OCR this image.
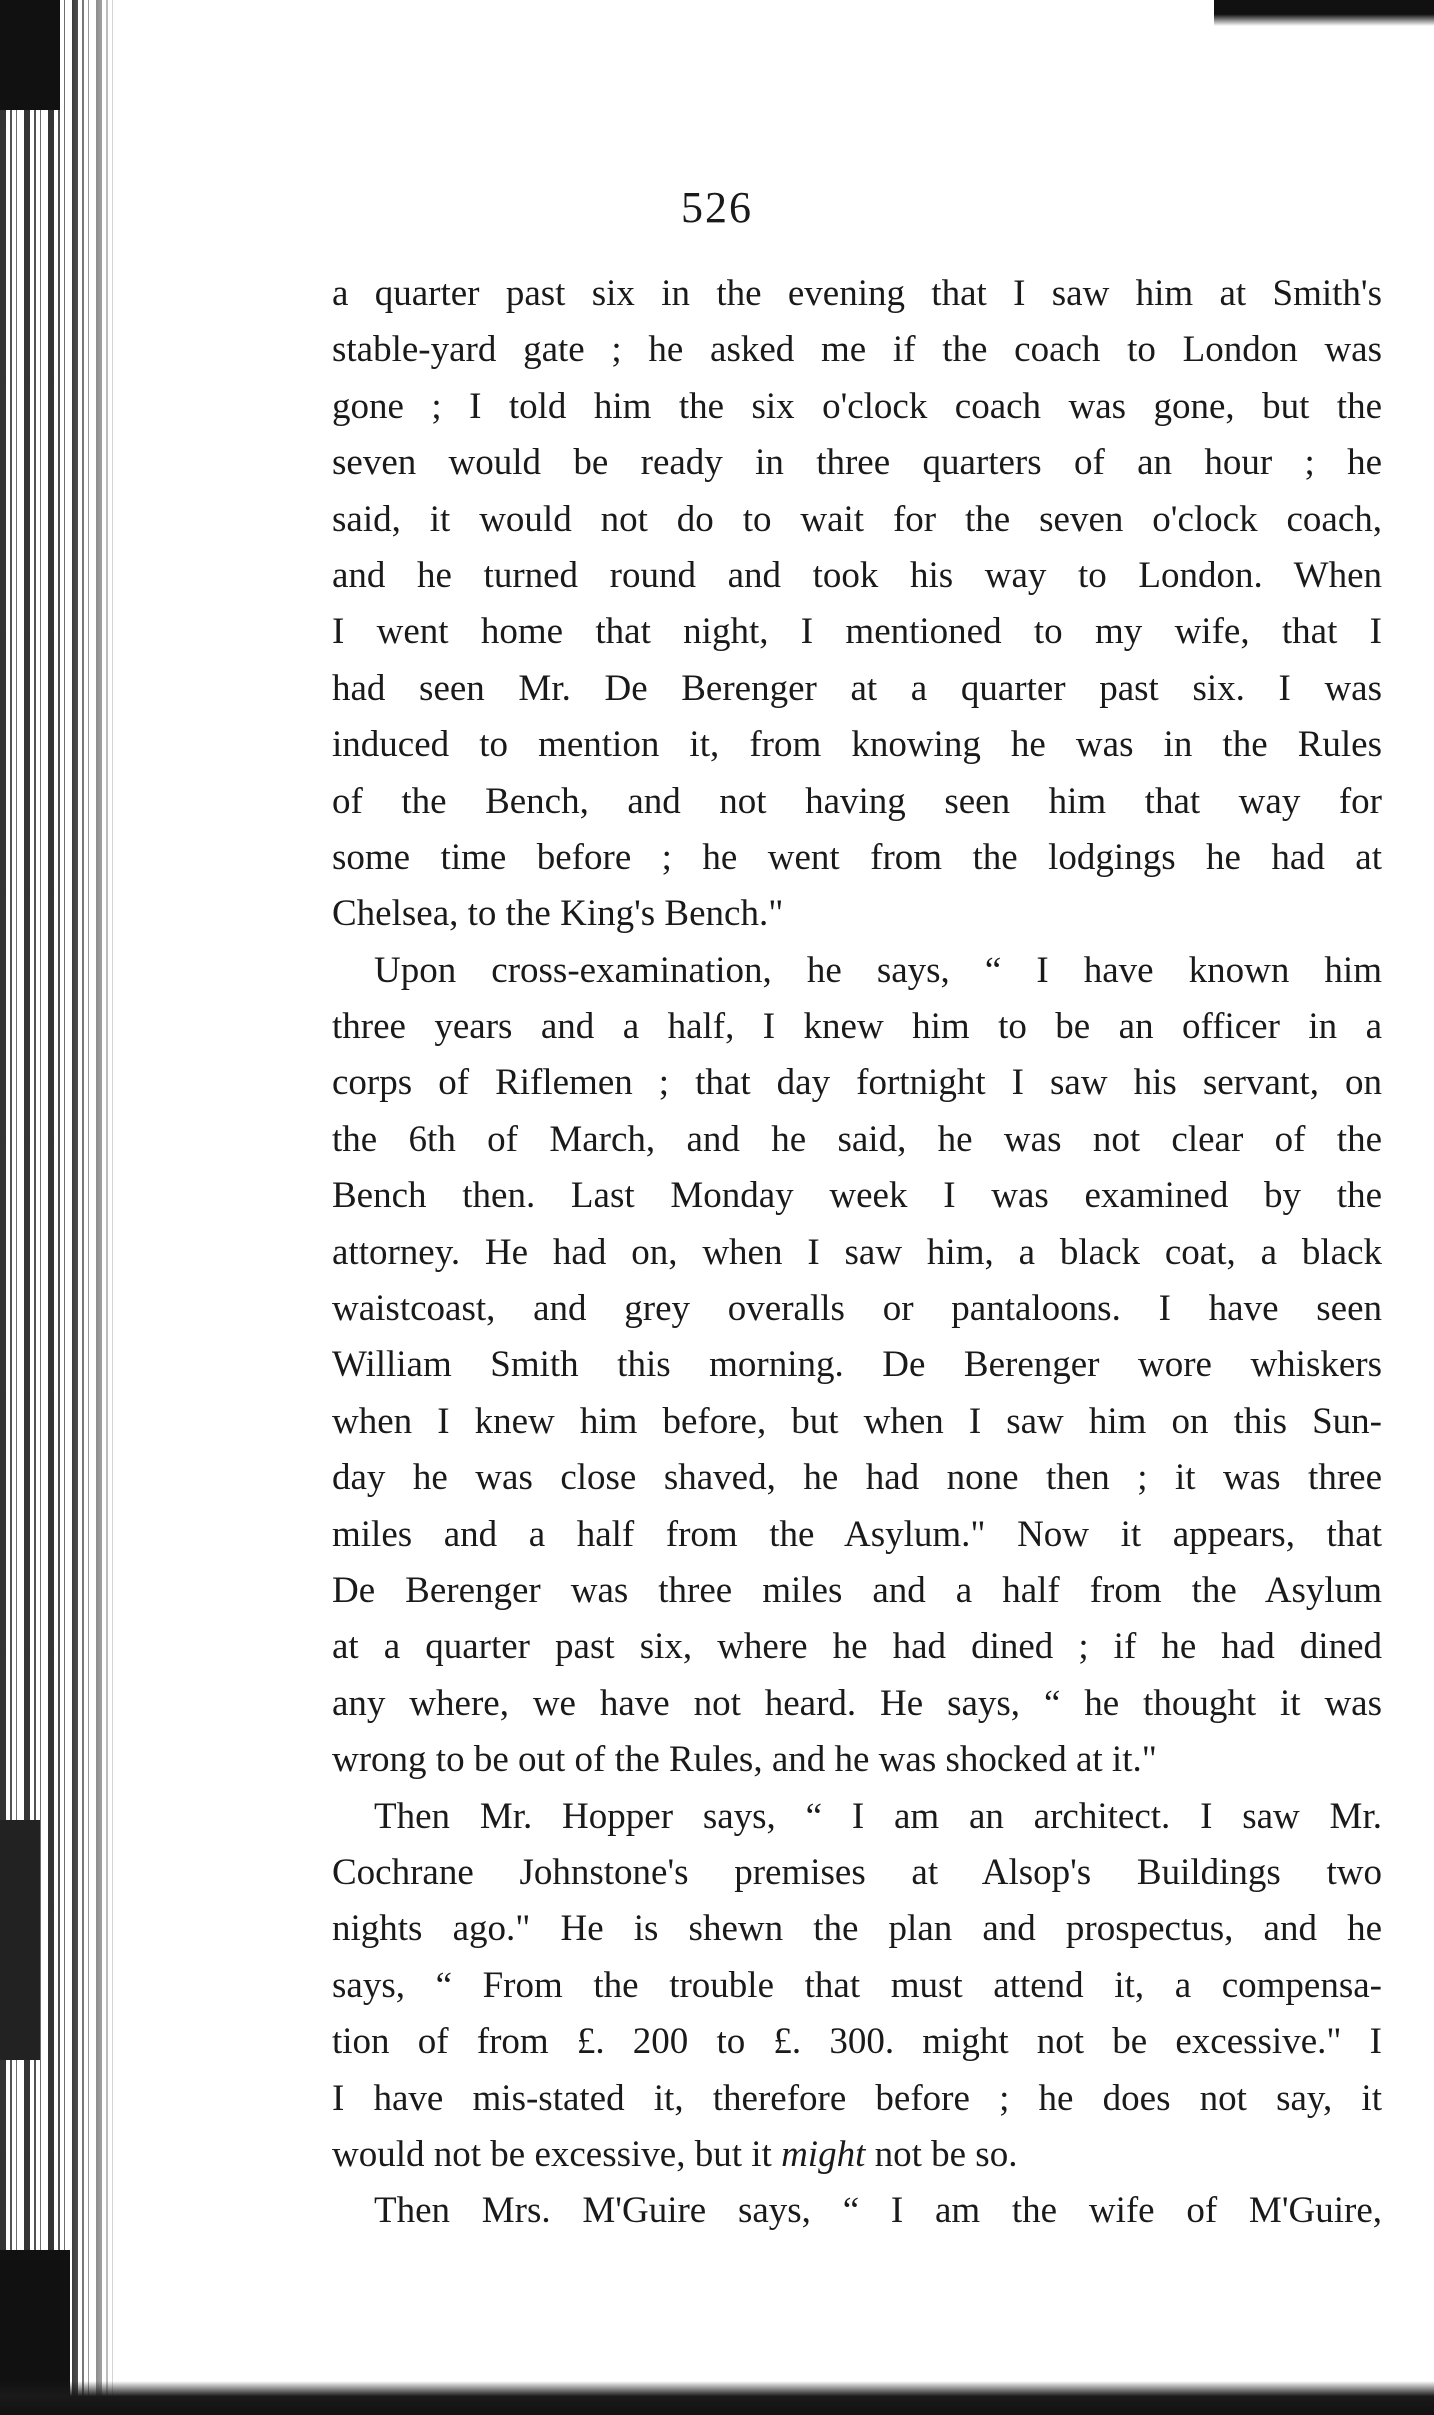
526
a quarter past six in the evening that I saw him at Smith's
stable-yard gate ; he asked me if the coach to London was
gone ; I told him the six o'clock coach was gone, but the
seven would be ready in three quarters of an hour ; he
said, it would not do to wait for the seven o'clock coach,
and he turned round and took his way to London. When
I went home that night, I mentioned to my wife, that I
had seen Mr. De Berenger at a quarter past six. I was
induced to mention it, from knowing he was in the Rules
of the Bench, and not having seen him that way for
some time before ; he went from the lodgings he had at
Chelsea, to the King's Bench."
Upon cross-examination, he says, “ I have known him
three years and a half, I knew him to be an officer in a
corps of Riflemen ; that day fortnight I saw his servant, on
the 6th of March, and he said, he was not clear of the
Bench then. Last Monday week I was examined by the
attorney. He had on, when I saw him, a black coat, a black
waistcoast, and grey overalls or pantaloons. I have seen
William Smith this morning. De Berenger wore whiskers
when I knew him before, but when I saw him on this Sun-
day he was close shaved, he had none then ; it was three
miles and a half from the Asylum." Now it appears, that
De Berenger was three miles and a half from the Asylum
at a quarter past six, where he had dined ; if he had dined
any where, we have not heard. He says, “ he thought it was
wrong to be out of the Rules, and he was shocked at it."
Then Mr. Hopper says, “ I am an architect. I saw Mr.
Cochrane Johnstone's premises at Alsop's Buildings two
nights ago." He is shewn the plan and prospectus, and he
says, “ From the trouble that must attend it, a compensa-
tion of from £. 200 to £. 300. might not be excessive." I
I have mis-stated it, therefore before ; he does not say, it
would not be excessive, but it might not be so.
Then Mrs. M'Guire says, “ I am the wife of M'Guire,
